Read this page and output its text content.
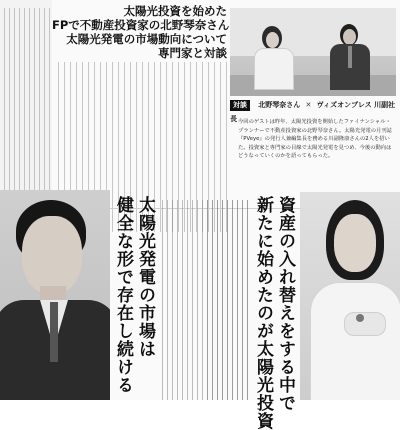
太陽光投資を始めた
FPで不動産投資家の北野琴奈さん
太陽光発電の市場動向について
専門家と対談
対談 北野琴奈さん ✕ ヴィズオンプレス 川副社長 今回のゲストは昨年、太陽光投資を開始したファイナンシャル・プランナーで不動産投資家の北野琴奈さん。太陽光発電の月刊誌『PVeye』の発行人兼編集長を務める川副隆康さんの2人を招いた。投資家と専門家の目線で太陽光発電を見つめ、今後の動向はどうなっていくのかを語ってもらった。
太陽光発電の市場は
健全な形で存在し続ける	資産の入れ替えをする中で
新たに始めたのが太陽光投資
